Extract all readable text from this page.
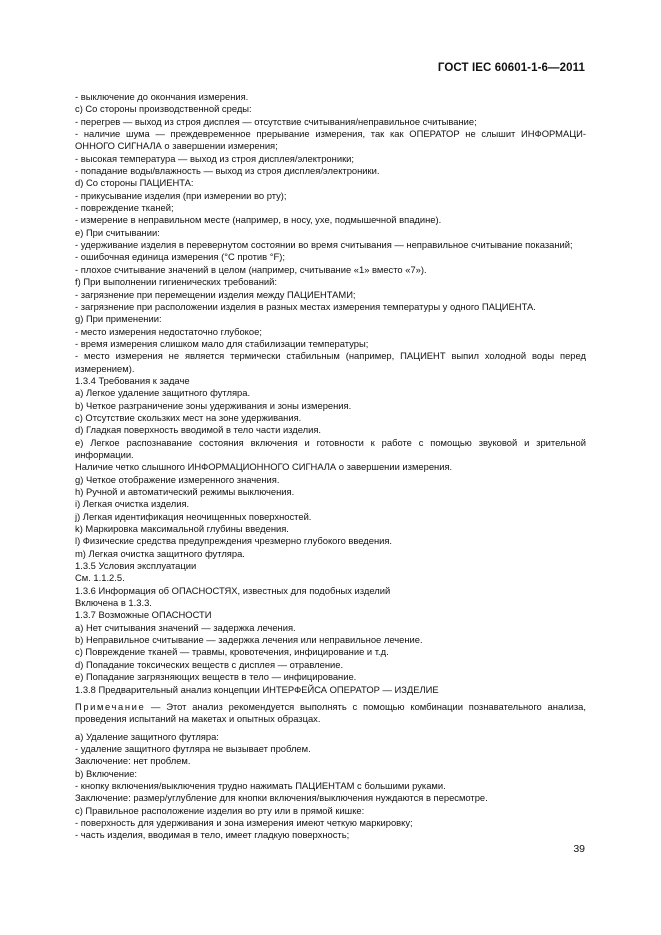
ГОСТ IEC 60601-1-6—2011
- выключение до окончания измерения.
c) Со стороны производственной среды:
- перегрев — выход из строя дисплея — отсутствие считывания/неправильное считывание;
- наличие шума — преждевременное прерывание измерения, так как ОПЕРАТОР не слышит ИНФОРМАЦИ-ОННОГО СИГНАЛА о завершении измерения;
- высокая температура — выход из строя дисплея/электроники;
- попадание воды/влажность — выход из строя дисплея/электроники.
d) Со стороны ПАЦИЕНТА:
- прикусывание изделия (при измерении во рту);
- повреждение тканей;
- измерение в неправильном месте (например, в носу, ухе, подмышечной впадине).
e) При считывании:
- удерживание изделия в перевернутом состоянии во время считывания — неправильное считывание показаний;
- ошибочная единица измерения (°С против °F);
- плохое считывание значений в целом (например, считывание «1» вместо «7»).
f) При выполнении гигиенических требований:
- загрязнение при перемещении изделия между ПАЦИЕНТАМИ;
- загрязнение при расположении изделия в разных местах измерения температуры у одного ПАЦИЕНТА.
g) При применении:
- место измерения недостаточно глубокое;
- время измерения слишком мало для стабилизации температуры;
- место измерения не является термически стабильным (например, ПАЦИЕНТ выпил холодной воды перед измерением).
1.3.4 Требования к задаче
a) Легкое удаление защитного футляра.
b) Четкое разграничение зоны удерживания и зоны измерения.
c) Отсутствие скользких мест на зоне удерживания.
d) Гладкая поверхность вводимой в тело части изделия.
e) Легкое распознавание состояния включения и готовности к работе с помощью звуковой и зрительной информации.
Наличие четко слышного ИНФОРМАЦИОННОГО СИГНАЛА о завершении измерения.
g) Четкое отображение измеренного значения.
h) Ручной и автоматический режимы выключения.
i) Легкая очистка изделия.
j) Легкая идентификация неочищенных поверхностей.
k) Маркировка максимальной глубины введения.
l) Физические средства предупреждения чрезмерно глубокого введения.
m) Легкая очистка защитного футляра.
1.3.5 Условия эксплуатации
См. 1.1.2.5.
1.3.6 Информация об ОПАСНОСТЯХ, известных для подобных изделий
Включена в 1.3.3.
1.3.7 Возможные ОПАСНОСТИ
a) Нет считывания значений — задержка лечения.
b) Неправильное считывание — задержка лечения или неправильное лечение.
c) Повреждение тканей — травмы, кровотечения, инфицирование и т.д.
d) Попадание токсических веществ с дисплея — отравление.
e) Попадание загрязняющих веществ в тело — инфицирование.
1.3.8 Предварительный анализ концепции ИНТЕРФЕЙСА ОПЕРАТОР — ИЗДЕЛИЕ
Примечание — Этот анализ рекомендуется выполнять с помощью комбинации познавательного анализа, проведения испытаний на макетах и опытных образцах.
a) Удаление защитного футляра:
- удаление защитного футляра не вызывает проблем.
Заключение: нет проблем.
b) Включение:
- кнопку включения/выключения трудно нажимать ПАЦИЕНТАМ с большими руками.
Заключение: размер/углубление для кнопки включения/выключения нуждаются в пересмотре.
c) Правильное расположение изделия во рту или в прямой кишке:
- поверхность для удерживания и зона измерения имеют четкую маркировку;
- часть изделия, вводимая в тело, имеет гладкую поверхность;
39
